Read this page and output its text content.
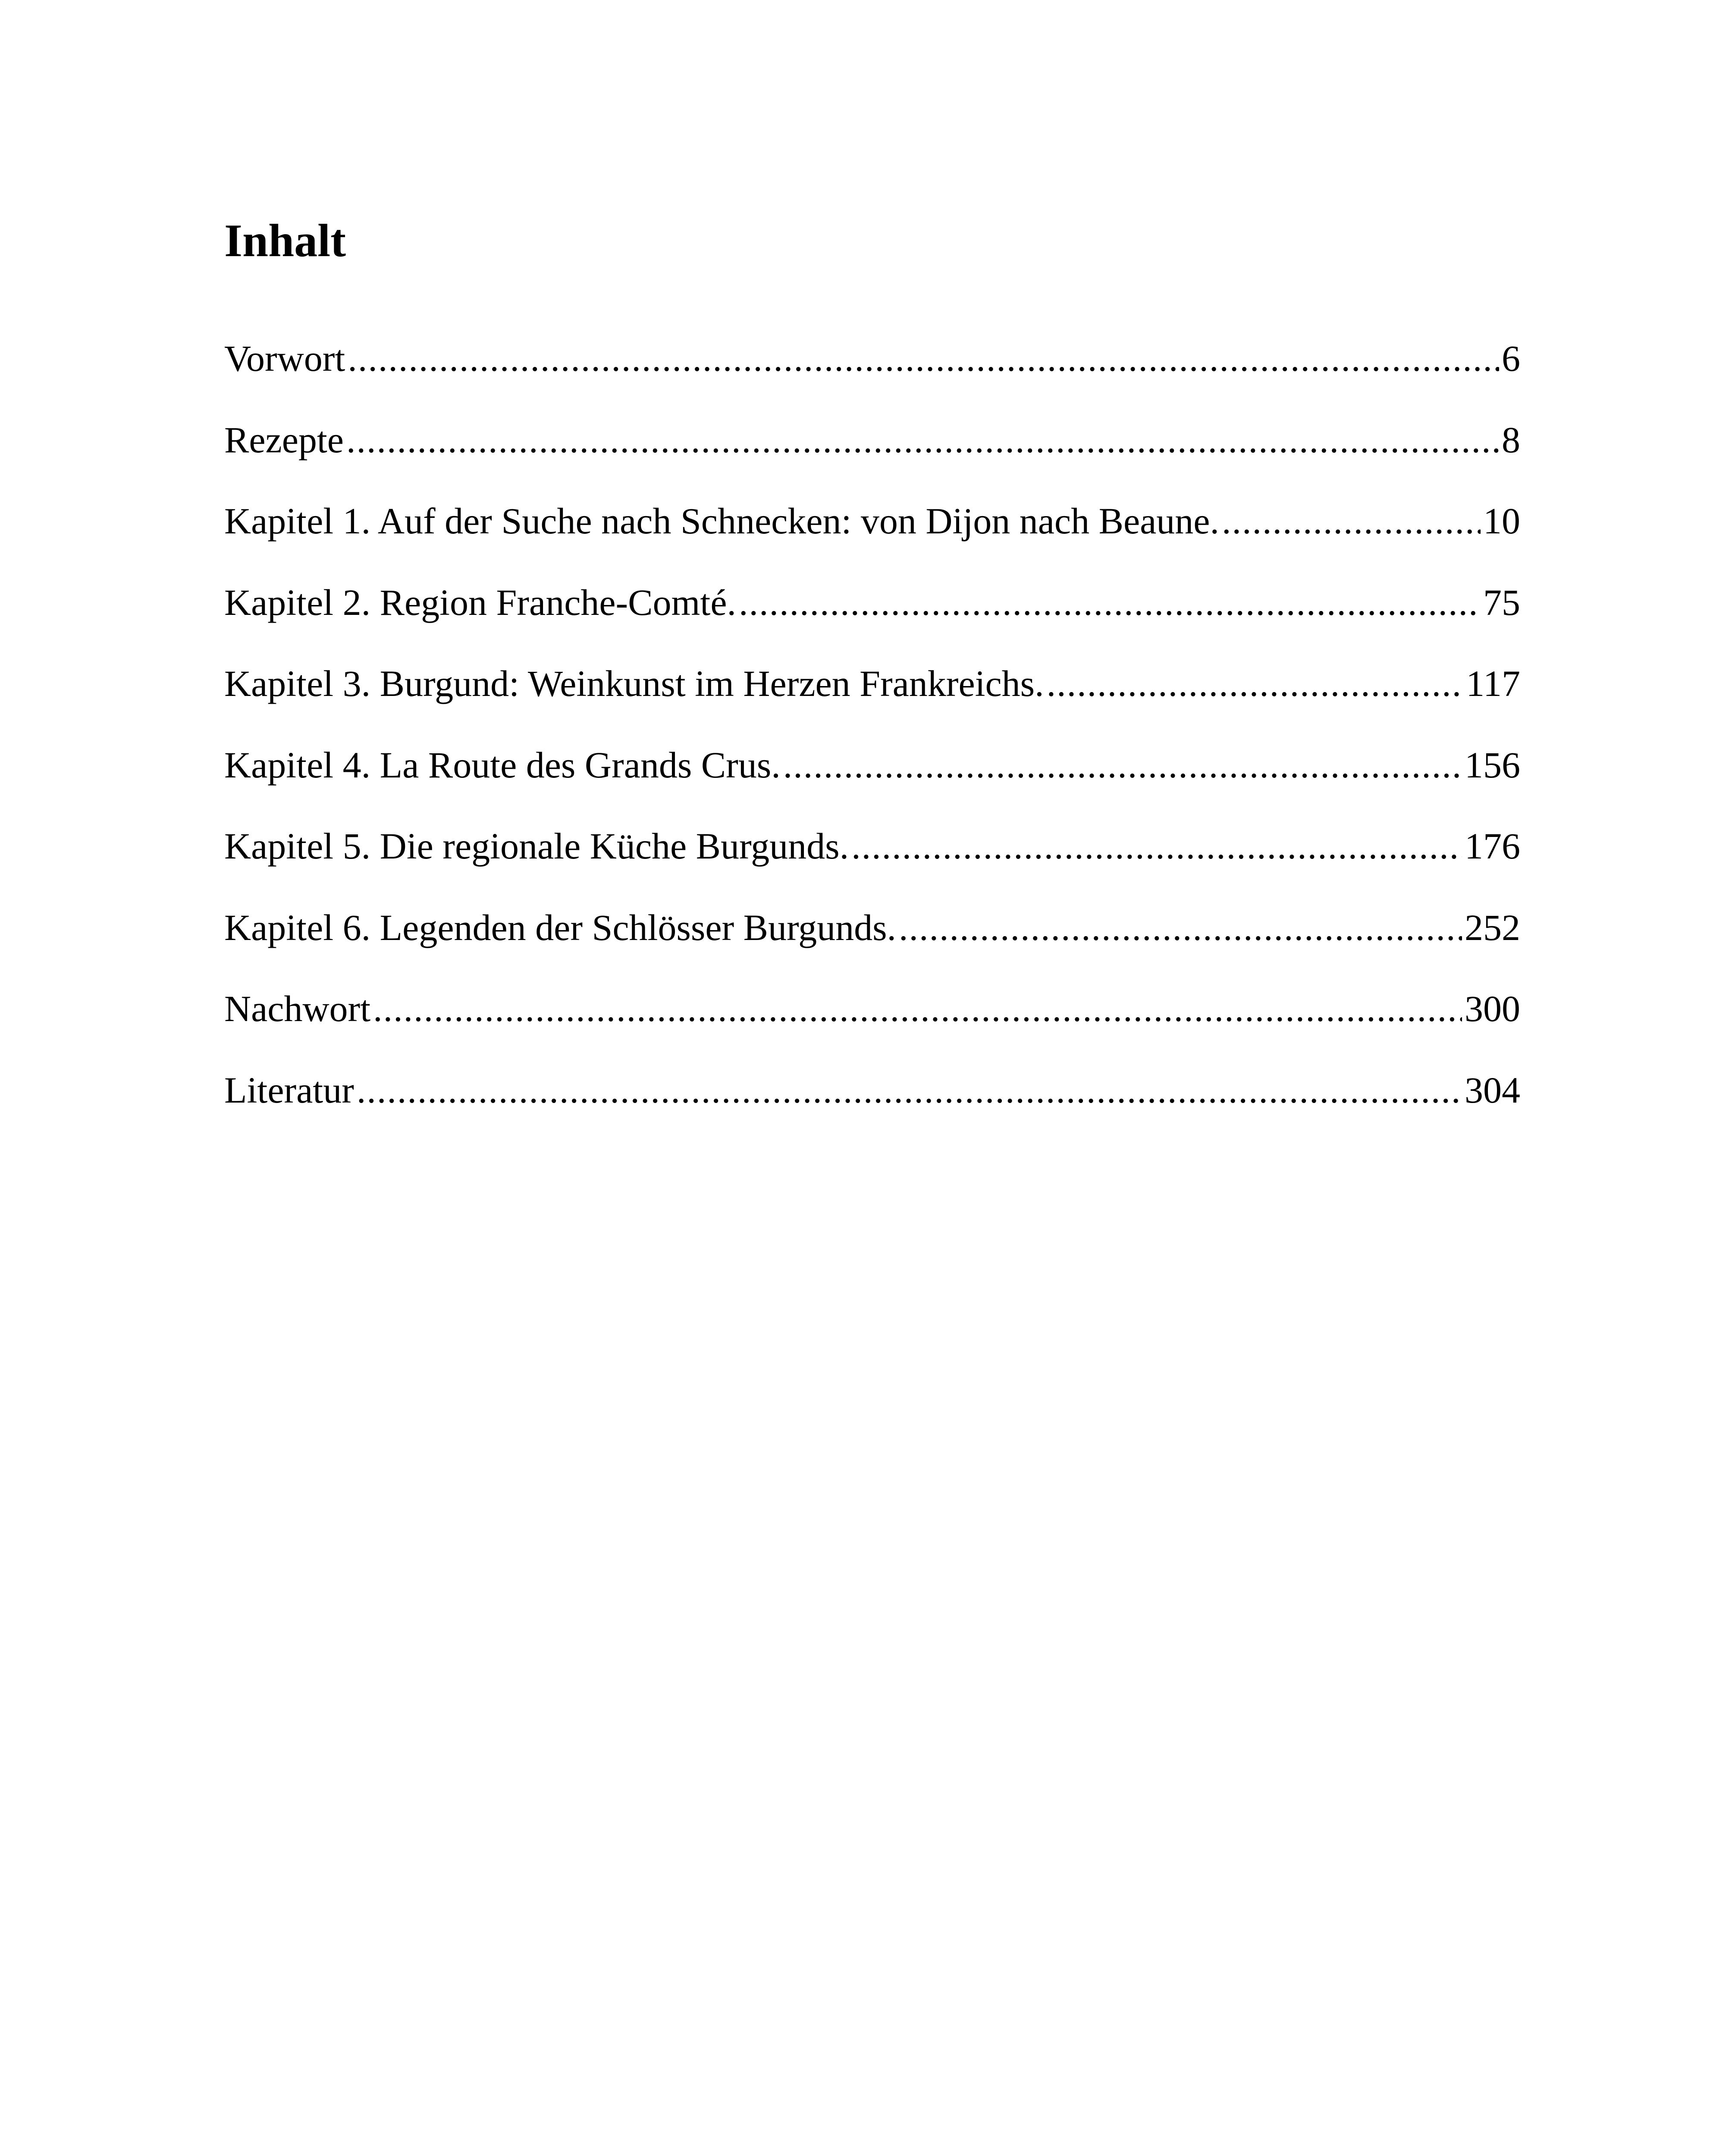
Inhalt
Vorwort .....	6
Rezepte .....	8
Kapitel 1. Auf der Suche nach Schnecken: von Dijon nach Beaune. .....	10
Kapitel 2. Region Franche-Comté. .....	75
Kapitel 3. Burgund: Weinkunst im Herzen Frankreichs. .....	117
Kapitel 4. La Route des Grands Crus. .....	156
Kapitel 5. Die regionale Küche Burgunds. .....	176
Kapitel 6. Legenden der Schlösser Burgunds. .....	252
Nachwort .....	300
Literatur .....	304
